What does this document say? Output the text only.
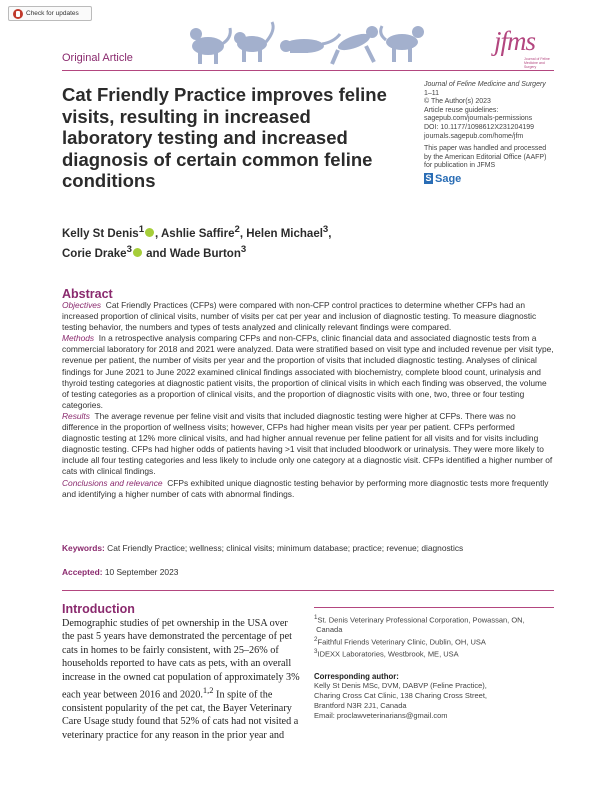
Check for updates
Original Article
jfms
Journal of Feline Medicine and Surgery
Cat Friendly Practice improves feline visits, resulting in increased laboratory testing and increased diagnosis of certain common feline conditions
Journal of Feline Medicine and Surgery
1–11
© The Author(s) 2023
Article reuse guidelines:
sagepub.com/journals-permissions
DOI: 10.1177/1098612X231204199
journals.sagepub.com/home/jfm
This paper was handled and processed
by the American Editorial Office (AAFP)
for publication in JFMS
S Sage
Kelly St Denis$^1$ , Ashlie Saffire$^2$, Helen Michael$^3$,
Corie Drake$^3$ and Wade Burton$^3$
Abstract

Objectives Cat Friendly Practices (CFPs) were compared with non-CFP control practices to determine whether CFPs had an increased proportion of clinical visits, number of visits per cat per year and inclusion of diagnostic testing. To measure diagnostic testing behavior, the numbers and types of tests analyzed and clinically relevant findings were compared.

Methods In a retrospective analysis comparing CFPs and non-CFPs, clinic financial data and associated diagnostic tests from a commercial laboratory for 2018 and 2021 were analyzed. Data were stratified based on visit type and included revenue per visit type, revenue per patient, the number of visits per year and the proportion of visits that included diagnostic testing. Analyses of clinical findings for June 2021 to June 2022 examined clinical findings associated with biochemistry, complete blood count, urinalysis and thyroid testing categories at diagnostic patient visits, the proportion of clinical visits in which each finding was observed, the volume of testing categories as a proportion of clinical visits, and the proportion of diagnostic visits with one, two, three or four testing categories.

Results The average revenue per feline visit and visits that included diagnostic testing were higher at CFPs. There was no difference in the proportion of wellness visits; however, CFPs had higher mean visits per year per patient. CFPs performed diagnostic testing at 12% more clinical visits, and had higher annual revenue per feline patient for all visits and for visits including diagnostic testing. CFPs had higher odds of patients having >1 visit that included bloodwork or urinalysis. They were more likely to include all four testing categories and less likely to include only one category at a diagnostic visit. CFPs identified a higher number of cats with clinical findings.

Conclusions and relevance CFPs exhibited unique diagnostic testing behavior by performing more diagnostic tests more frequently and identifying a higher number of cats with abnormal findings.

Keywords: Cat Friendly Practice; wellness; clinical visits; minimum database; practice; revenue; diagnostics
Accepted: 10 September 2023
Introduction
Demographic studies of pet ownership in the USA over the past 5 years have demonstrated the percentage of pet cats in homes to be fairly consistent, with 25–26% of households reported to have cats as pets, with an overall increase in the owned cat population of approximately 3% each year between 2016 and 2020.$^{1,2}$ In spite of the consistent popularity of the pet cat, the Bayer Veterinary Care Usage study found that 52% of cats had not visited a veterinary practice for any reason in the prior year and

$^1$St. Denis Veterinary Professional Corporation, Powassan, ON,
Canada

$^2$Faithful Friends Veterinary Clinic, Dublin, OH, USA

$^3$IDEXX Laboratories, Westbrook, ME, USA

Corresponding author:
Kelly St Denis MSc, DVM, DABVP (Feline Practice),
Charing Cross Cat Clinic, 138 Charing Cross Street,
Brantford N3R 2J1, Canada
Email: proclawveterinarians@gmail.com
